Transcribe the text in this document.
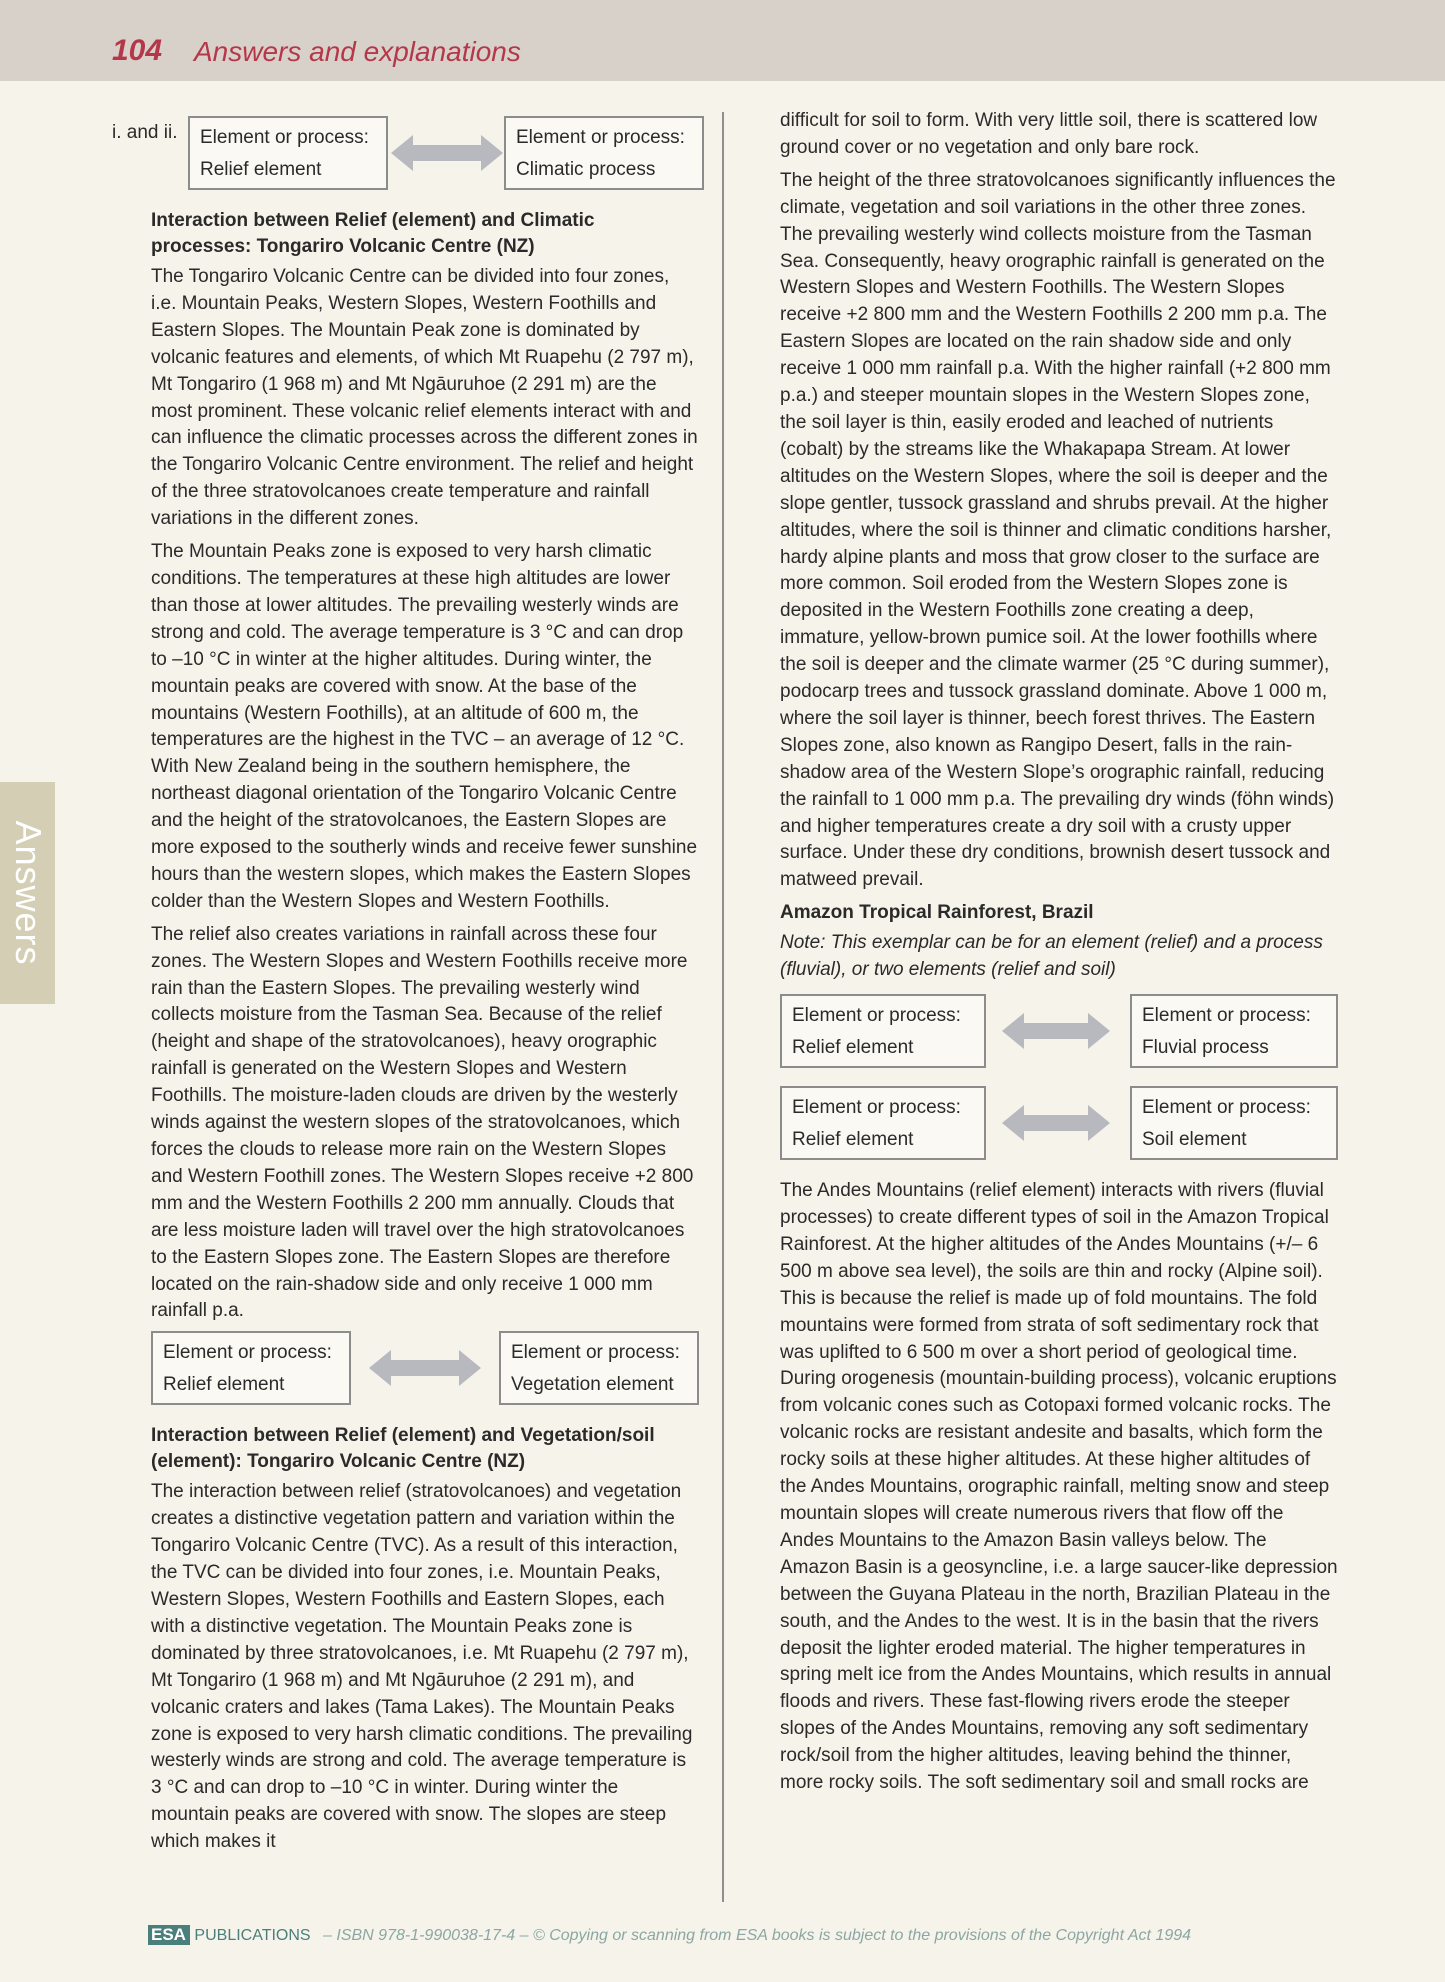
104 Answers and explanations
Answers
i. and ii. Element or process:
Relief element
Element or process:
Climatic process
Interaction between Relief (element) and Climatic processes: Tongariro Volcanic Centre (NZ)

The Tongariro Volcanic Centre can be divided into four zones, i.e. Mountain Peaks, Western Slopes, Western Foothills and Eastern Slopes. The Mountain Peak zone is dominated by volcanic features and elements, of which Mt Ruapehu (2 797 m), Mt Tongariro (1 968 m) and Mt Ngāuruhoe (2 291 m) are the most prominent. These volcanic relief elements interact with and can influence the climatic processes across the different zones in the Tongariro Volcanic Centre environment. The relief and height of the three stratovolcanoes create temperature and rainfall variations in the different zones.

The Mountain Peaks zone is exposed to very harsh climatic conditions. The temperatures at these high altitudes are lower than those at lower altitudes. The prevailing westerly winds are strong and cold. The average temperature is 3 °C and can drop to –10 °C in winter at the higher altitudes. During winter, the mountain peaks are covered with snow. At the base of the mountains (Western Foothills), at an altitude of 600 m, the temperatures are the highest in the TVC – an average of 12 °C. With New Zealand being in the southern hemisphere, the northeast diagonal orientation of the Tongariro Volcanic Centre and the height of the stratovolcanoes, the Eastern Slopes are more exposed to the southerly winds and receive fewer sunshine hours than the western slopes, which makes the Eastern Slopes colder than the Western Slopes and Western Foothills.

The relief also creates variations in rainfall across these four zones. The Western Slopes and Western Foothills receive more rain than the Eastern Slopes. The prevailing westerly wind collects moisture from the Tasman Sea. Because of the relief (height and shape of the stratovolcanoes), heavy orographic rainfall is generated on the Western Slopes and Western Foothills. The moisture-laden clouds are driven by the westerly winds against the western slopes of the stratovolcanoes, which forces the clouds to release more rain on the Western Slopes and Western Foothill zones. The Western Slopes receive +2 800 mm and the Western Foothills 2 200 mm annually. Clouds that are less moisture laden will travel over the high stratovolcanoes to the Eastern Slopes zone. The Eastern Slopes are therefore located on the rain-shadow side and only receive 1 000 mm rainfall p.a.

Element or process:
Relief element
Element or process:
Vegetation element
Interaction between Relief (element) and Vegetation/soil (element): Tongariro Volcanic Centre (NZ)

The interaction between relief (stratovolcanoes) and vegetation creates a distinctive vegetation pattern and variation within the Tongariro Volcanic Centre (TVC). As a result of this interaction, the TVC can be divided into four zones, i.e. Mountain Peaks, Western Slopes, Western Foothills and Eastern Slopes, each with a distinctive vegetation. The Mountain Peaks zone is dominated by three stratovolcanoes, i.e. Mt Ruapehu (2 797 m), Mt Tongariro (1 968 m) and Mt Ngāuruhoe (2 291 m), and volcanic craters and lakes (Tama Lakes). The Mountain Peaks zone is exposed to very harsh climatic conditions. The prevailing westerly winds are strong and cold. The average temperature is 3 °C and can drop to –10 °C in winter. During winter the mountain peaks are covered with snow. The slopes are steep which makes it

difficult for soil to form. With very little soil, there is scattered low ground cover or no vegetation and only bare rock.

The height of the three stratovolcanoes significantly influences the climate, vegetation and soil variations in the other three zones. The prevailing westerly wind collects moisture from the Tasman Sea. Consequently, heavy orographic rainfall is generated on the Western Slopes and Western Foothills. The Western Slopes receive +2 800 mm and the Western Foothills 2 200 mm p.a. The Eastern Slopes are located on the rain shadow side and only receive 1 000 mm rainfall p.a. With the higher rainfall (+2 800 mm p.a.) and steeper mountain slopes in the Western Slopes zone, the soil layer is thin, easily eroded and leached of nutrients (cobalt) by the streams like the Whakapapa Stream. At lower altitudes on the Western Slopes, where the soil is deeper and the slope gentler, tussock grassland and shrubs prevail. At the higher altitudes, where the soil is thinner and climatic conditions harsher, hardy alpine plants and moss that grow closer to the surface are more common. Soil eroded from the Western Slopes zone is deposited in the Western Foothills zone creating a deep, immature, yellow-brown pumice soil. At the lower foothills where the soil is deeper and the climate warmer (25 °C during summer), podocarp trees and tussock grassland dominate. Above 1 000 m, where the soil layer is thinner, beech forest thrives. The Eastern Slopes zone, also known as Rangipo Desert, falls in the rain-shadow area of the Western Slope’s orographic rainfall, reducing the rainfall to 1 000 mm p.a. The prevailing dry winds (föhn winds) and higher temperatures create a dry soil with a crusty upper surface. Under these dry conditions, brownish desert tussock and matweed prevail.

Amazon Tropical Rainforest, Brazil

Note: This exemplar can be for an element (relief) and a process (fluvial), or two elements (relief and soil)

Element or process:
Relief element
Element or process:
Fluvial process
Element or process:
Relief element
Element or process:
Soil element

The Andes Mountains (relief element) interacts with rivers (fluvial processes) to create different types of soil in the Amazon Tropical Rainforest. At the higher altitudes of the Andes Mountains (+/– 6 500 m above sea level), the soils are thin and rocky (Alpine soil). This is because the relief is made up of fold mountains. The fold mountains were formed from strata of soft sedimentary rock that was uplifted to 6 500 m over a short period of geological time. During orogenesis (mountain-building process), volcanic eruptions from volcanic cones such as Cotopaxi formed volcanic rocks. The volcanic rocks are resistant andesite and basalts, which form the rocky soils at these higher altitudes. At these higher altitudes of the Andes Mountains, orographic rainfall, melting snow and steep mountain slopes will create numerous rivers that flow off the Andes Mountains to the Amazon Basin valleys below. The Amazon Basin is a geosyncline, i.e. a large saucer-like depression between the Guyana Plateau in the north, Brazilian Plateau in the south, and the Andes to the west. It is in the basin that the rivers deposit the lighter eroded material. The higher temperatures in spring melt ice from the Andes Mountains, which results in annual floods and rivers. These fast-flowing rivers erode the steeper slopes of the Andes Mountains, removing any soft sedimentary rock/soil from the higher altitudes, leaving behind the thinner, more rocky soils. The soft sedimentary soil and small rocks are

ESA PUBLICATIONS – ISBN 978-1-990038-17-4 – © Copying or scanning from ESA books is subject to the provisions of the Copyright Act 1994
